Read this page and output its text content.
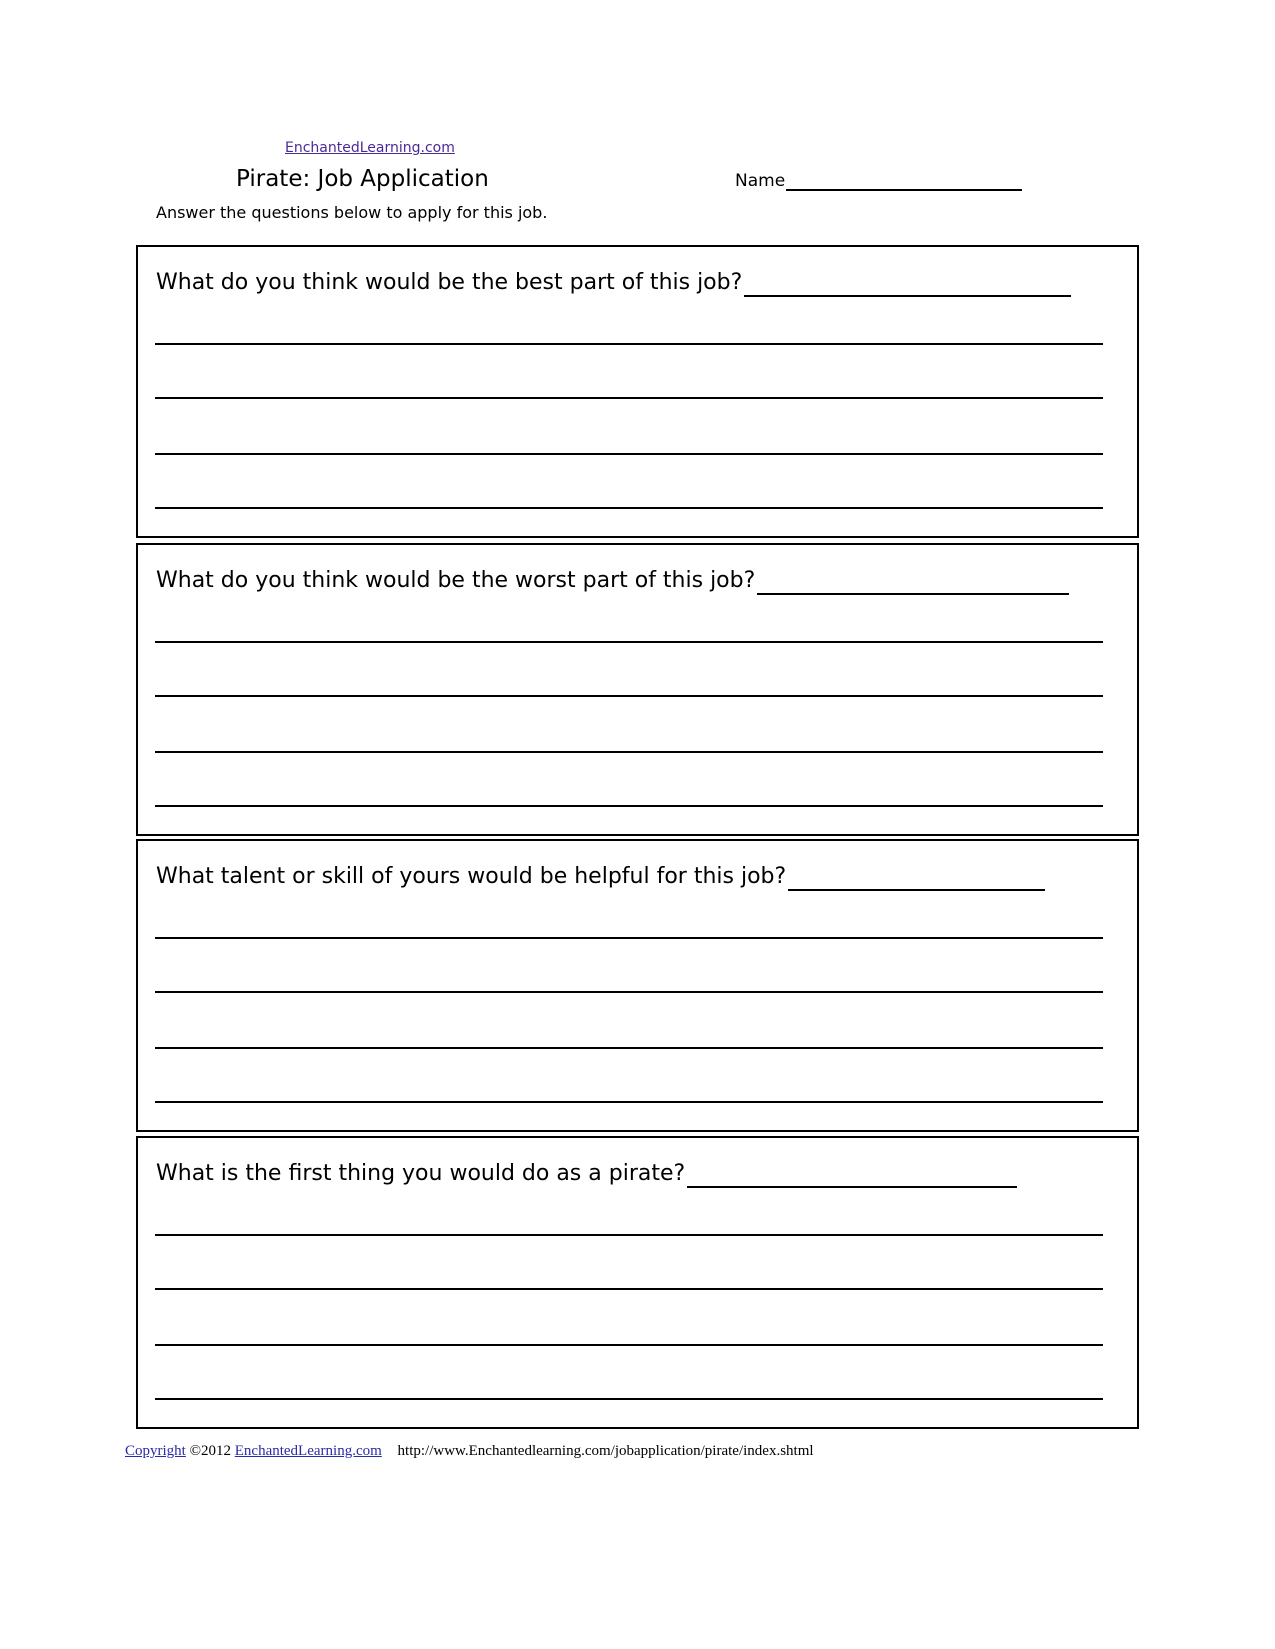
EnchantedLearning.com
Pirate: Job Application	Name
Answer the questions below to apply for this job.
What do you think would be the best part of this job?
What do you think would be the worst part of this job?
What talent or skill of yours would be helpful for this job?
What is the first thing you would do as a pirate?
Copyright ©2012 EnchantedLearning.com http://www.Enchantedlearning.com/jobapplication/pirate/index.shtml
